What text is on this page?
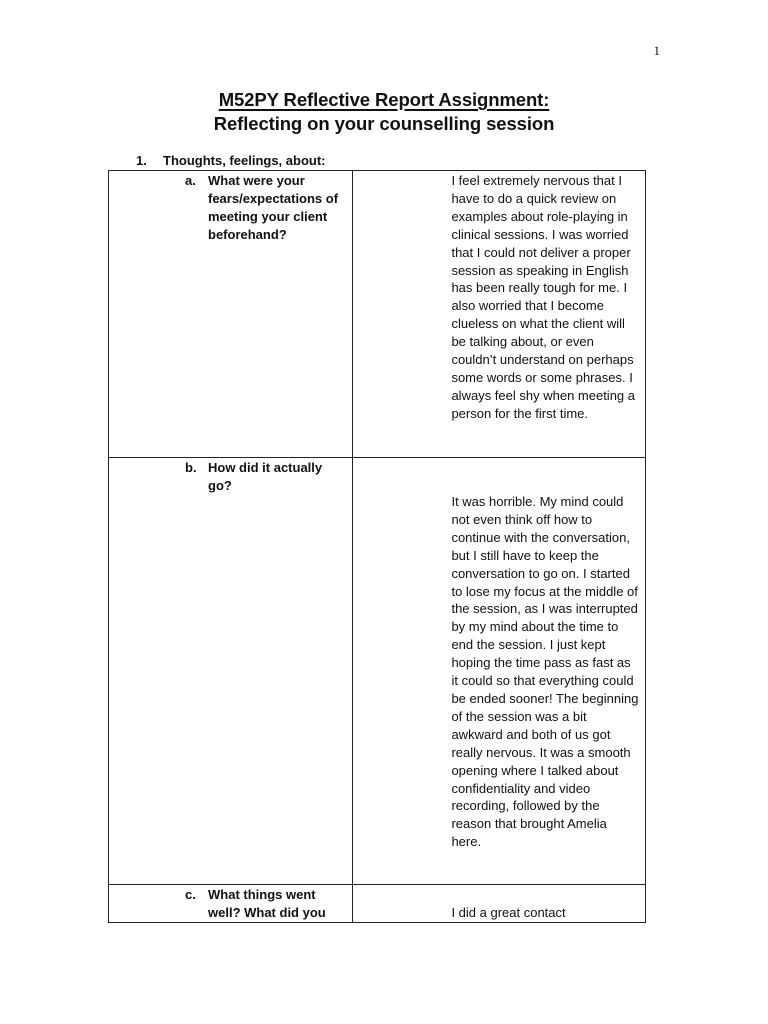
1
M52PY Reflective Report Assignment:
Reflecting on your counselling session
1. Thoughts, feelings, about:
a. What were your fears/expectations of meeting your client beforehand?	I feel extremely nervous that I have to do a quick review on examples about role-playing in clinical sessions. I was worried that I could not deliver a proper session as speaking in English has been really tough for me. I also worried that I become clueless on what the client will be talking about, or even couldn’t understand on perhaps some words or some phrases. I always feel shy when meeting a person for the first time.

b. How did it actually go?	It was horrible. My mind could not even think off how to continue with the conversation, but I still have to keep the conversation to go on. I started to lose my focus at the middle of the session, as I was interrupted by my mind about the time to end the session. I just kept hoping the time pass as fast as it could so that everything could be ended sooner! The beginning of the session was a bit awkward and both of us got really nervous. It was a smooth opening where I talked about confidentiality and video recording, followed by the reason that brought Amelia here.

c. What things went well? What did you	I did a great contact
